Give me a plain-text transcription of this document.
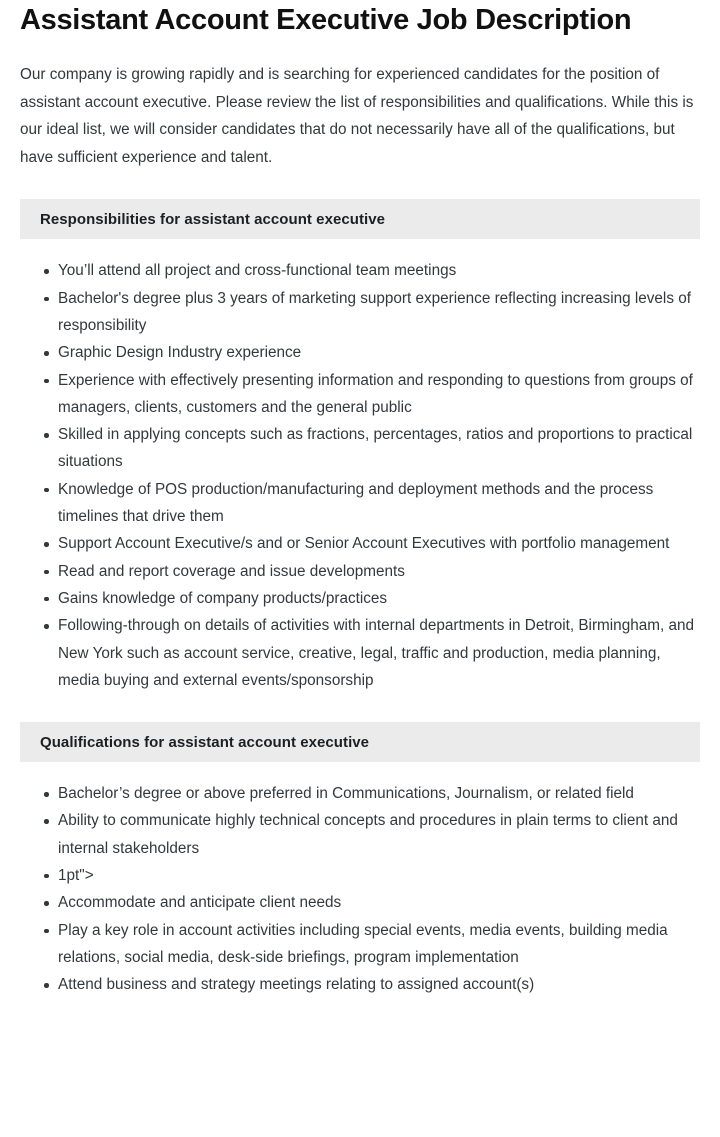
Assistant Account Executive Job Description

Our company is growing rapidly and is searching for experienced candidates for the position of assistant account executive. Please review the list of responsibilities and qualifications. While this is our ideal list, we will consider candidates that do not necessarily have all of the qualifications, but have sufficient experience and talent.

Responsibilities for assistant account executive
You’ll attend all project and cross-functional team meetings
Bachelor's degree plus 3 years of marketing support experience reflecting increasing levels of responsibility
Graphic Design Industry experience
Experience with effectively presenting information and responding to questions from groups of managers, clients, customers and the general public
Skilled in applying concepts such as fractions, percentages, ratios and proportions to practical situations
Knowledge of POS production/manufacturing and deployment methods and the process timelines that drive them
Support Account Executive/s and or Senior Account Executives with portfolio management
Read and report coverage and issue developments
Gains knowledge of company products/practices
Following-through on details of activities with internal departments in Detroit, Birmingham, and New York such as account service, creative, legal, traffic and production, media planning, media buying and external events/sponsorship
Qualifications for assistant account executive
Bachelor’s degree or above preferred in Communications, Journalism, or related field
Ability to communicate highly technical concepts and procedures in plain terms to client and internal stakeholders
1pt">
Accommodate and anticipate client needs
Play a key role in account activities including special events, media events, building media relations, social media, desk-side briefings, program implementation
Attend business and strategy meetings relating to assigned account(s)
